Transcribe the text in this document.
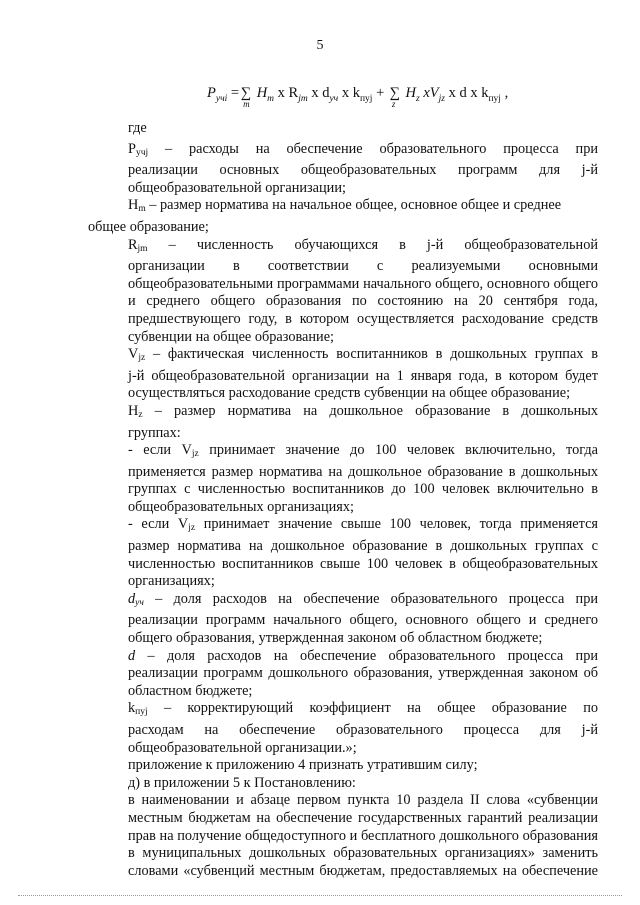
5
$P_{учі}$ = ∑
m
$H_m$ x $R_{jm}$ x $d_{уч}$ x $k_{пуj}$ + ∑
z
$H_z$ $xV_{jz}$ x d x $k_{пуj}$ ,

где

$P_{учj}$ – расходы на обеспечение образовательного процесса при
реализации основных общеобразовательных программ для j-й
общеобразовательной организации;

$H_m$ – размер норматива на начальное общее, основное общее и среднее
общее образование;

$R_{jm}$ – численность обучающихся в j-й общеобразовательной
организации в соответствии с реализуемыми основными
общеобразовательными программами начального общего, основного общего
и среднего общего образования по состоянию на 20 сентября года,
предшествующего году, в котором осуществляется расходование средств
субвенции на общее образование;

$V_{jz}$ – фактическая численность воспитанников в дошкольных группах в
j-й общеобразовательной организации на 1 января года, в котором будет
осуществляться расходование средств субвенции на общее образование;

$H_z$ – размер норматива на дошкольное образование в дошкольных
группах:

- если $V_{jz}$ принимает значение до 100 человек включительно, тогда
применяется размер норматива на дошкольное образование в дошкольных
группах с численностью воспитанников до 100 человек включительно в
общеобразовательных организациях;

- если $V_{jz}$ принимает значение свыше 100 человек, тогда применяется
размер норматива на дошкольное образование в дошкольных группах с
численностью воспитанников свыше 100 человек в общеобразовательных
организациях;

$d_{уч}$ – доля расходов на обеспечение образовательного процесса при
реализации программ начального общего, основного общего и среднего
общего образования, утвержденная законом об областном бюджете;

d – доля расходов на обеспечение образовательного процесса при
реализации программ дошкольного образования, утвержденная законом об
областном бюджете;

$k_{пуj}$ – корректирующий коэффициент на общее образование по
расходам на обеспечение образовательного процесса для j-й
общеобразовательной организации.»;

приложение к приложению 4 признать утратившим силу;

д) в приложении 5 к Постановлению:

в наименовании и абзаце первом пункта 10 раздела II слова «субвенции
местным бюджетам на обеспечение государственных гарантий реализации
прав на получение общедоступного и бесплатного дошкольного образования
в муниципальных дошкольных образовательных организациях» заменить
словами «субвенций местным бюджетам, предоставляемых на обеспечение
